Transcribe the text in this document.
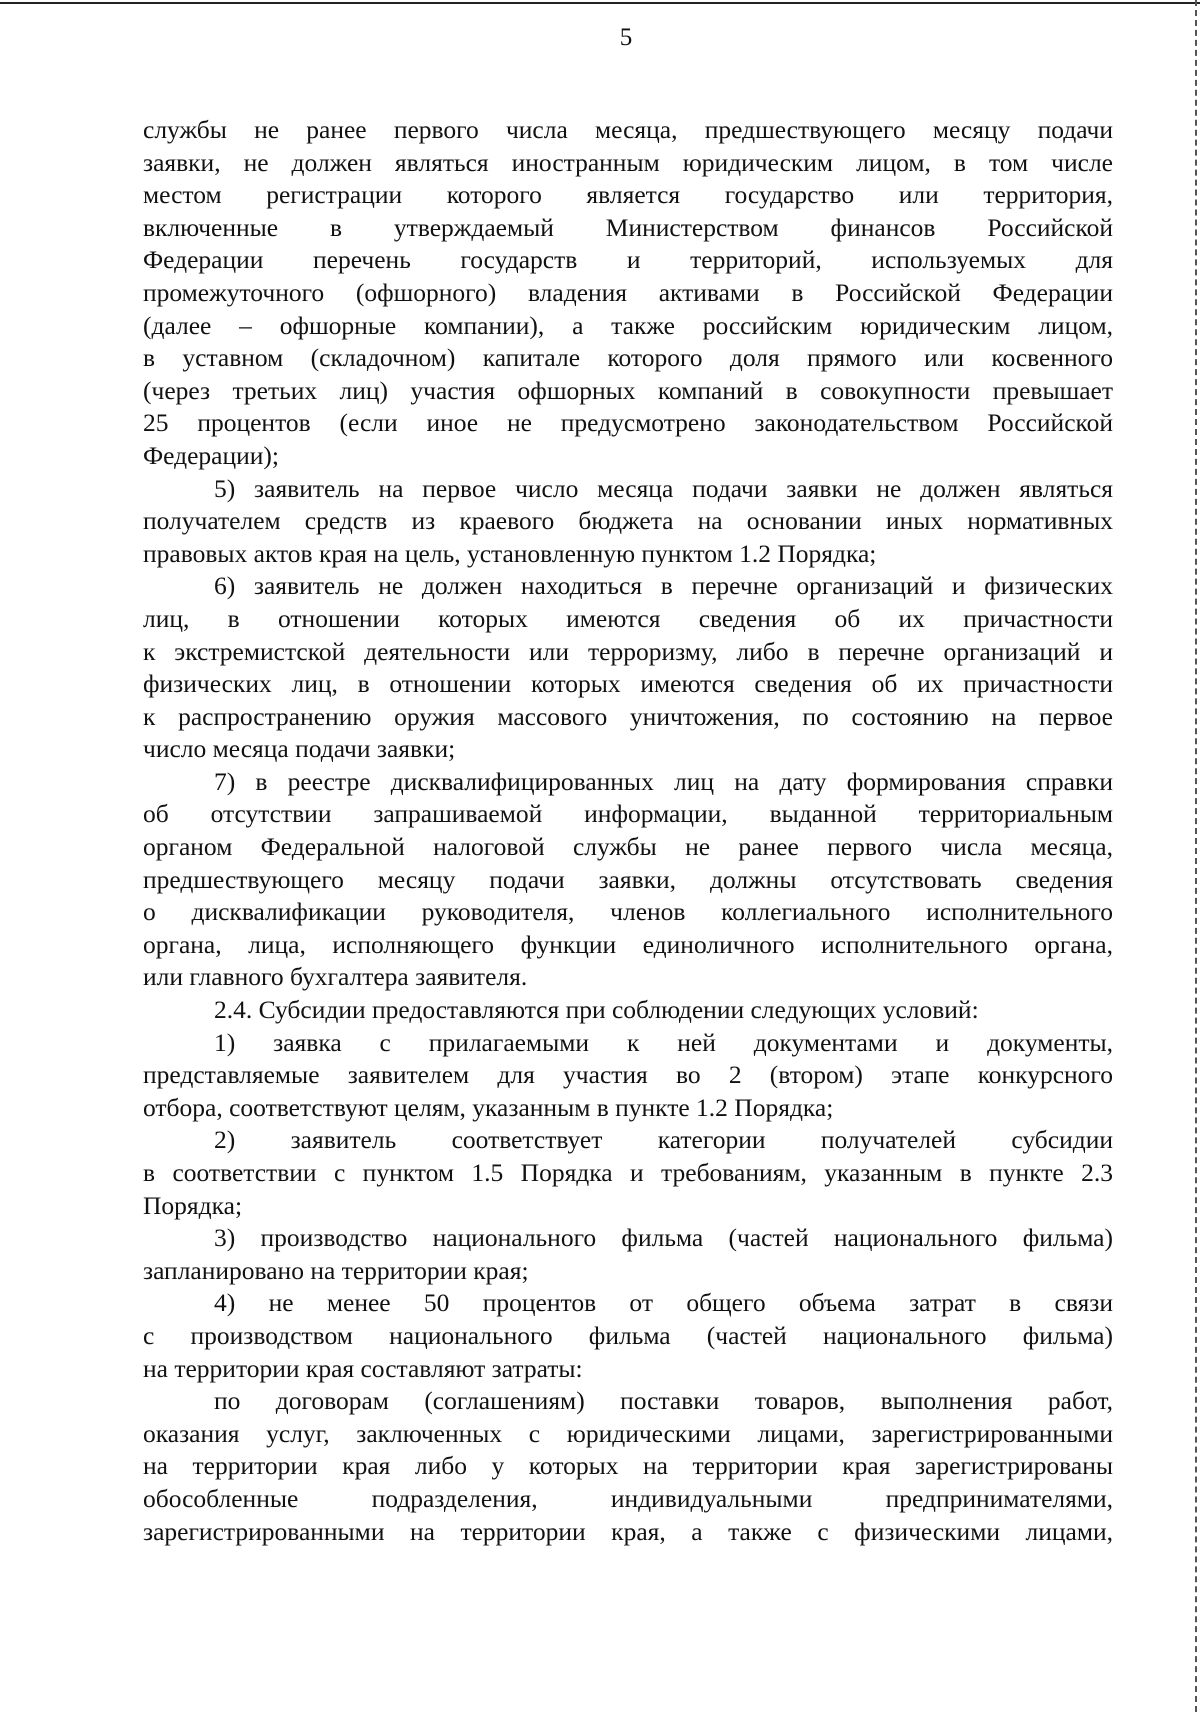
5

службы не ранее первого числа месяца, предшествующего месяцу подачи

заявки, не должен являться иностранным юридическим лицом, в том числе

местом регистрации которого является государство или территория,

включенные в утверждаемый Министерством финансов Российской

Федерации перечень государств и территорий, используемых для

промежуточного (офшорного) владения активами в Российской Федерации

(далее – офшорные компании), а также российским юридическим лицом,

в уставном (складочном) капитале которого доля прямого или косвенного

(через третьих лиц) участия офшорных компаний в совокупности превышает

25 процентов (если иное не предусмотрено законодательством Российской

Федерации);

5) заявитель на первое число месяца подачи заявки не должен являться

получателем средств из краевого бюджета на основании иных нормативных

правовых актов края на цель, установленную пунктом 1.2 Порядка;

6) заявитель не должен находиться в перечне организаций и физических

лиц, в отношении которых имеются сведения об их причастности

к экстремистской деятельности или терроризму, либо в перечне организаций и

физических лиц, в отношении которых имеются сведения об их причастности

к распространению оружия массового уничтожения, по состоянию на первое

число месяца подачи заявки;

7) в реестре дисквалифицированных лиц на дату формирования справки

об отсутствии запрашиваемой информации, выданной территориальным

органом Федеральной налоговой службы не ранее первого числа месяца,

предшествующего месяцу подачи заявки, должны отсутствовать сведения

о дисквалификации руководителя, членов коллегиального исполнительного

органа, лица, исполняющего функции единоличного исполнительного органа,

или главного бухгалтера заявителя.

2.4. Субсидии предоставляются при соблюдении следующих условий:

1) заявка с прилагаемыми к ней документами и документы,

представляемые заявителем для участия во 2 (втором) этапе конкурсного

отбора, соответствуют целям, указанным в пункте 1.2 Порядка;

2) заявитель соответствует категории получателей субсидии

в соответствии с пунктом 1.5 Порядка и требованиям, указанным в пункте 2.3

Порядка;

3) производство национального фильма (частей национального фильма)

запланировано на территории края;

4) не менее 50 процентов от общего объема затрат в связи

с производством национального фильма (частей национального фильма)

на территории края составляют затраты:

по договорам (соглашениям) поставки товаров, выполнения работ,

оказания услуг, заключенных с юридическими лицами, зарегистрированными

на территории края либо у которых на территории края зарегистрированы

обособленные подразделения, индивидуальными предпринимателями,

зарегистрированными на территории края, а также с физическими лицами,
